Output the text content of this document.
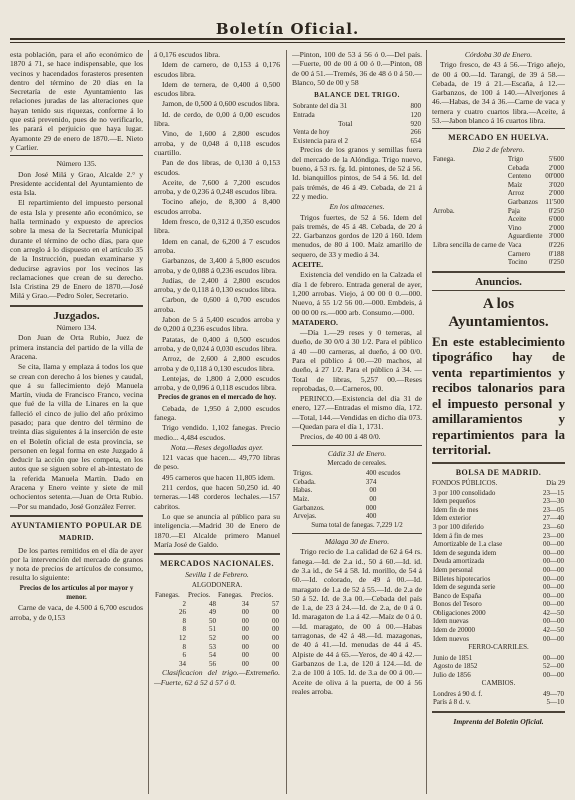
Boletín Oficial.

esta población, para el año económico de 1870 á 71, se hace indispensable, que los vecinos y hacendados forasteros presenten dentro del término de 20 días en la Secretaría de este Ayuntamiento las relaciones juradas de las alteraciones que hayan tenido sus riquezas, conforme á lo que está prevenido, pues de no verificarlo, les parará el perjuicio que haya lugar. Ayamonte 29 de enero de 1870.—E. Nieto y Carlier.

Número 135.

Don José Milá y Grao, Alcalde 2.° y Presidente accidental del Ayuntamiento de esta Isla.

El repartimiento del impuesto personal de esta Isla y presente año económico, se halla terminado y expuesto de aprecios sobre la mesa de la Secretaría Municipal durante el término de ocho días, para que con arreglo á lo dispuesto en el artículo 35 de la Instrucción, puedan examinarse y deducirse agravios por los vecinos las reclamaciones que crean de su derecho. Isla Cristina 29 de Enero de 1870.—José Milá y Grao.—Pedro Soler, Secretario.

Juzgados.

Número 134.

Don Juan de Orta Rubio, Juez de primera instancia del partido de la villa de Aracena.

Se cita, llama y emplaza á todos los que se crean con derecho á los bienes y caudal, que á su fallecimiento dejó Manuela Martín, viuda de Francisco Franco, vecina que fué de la villa de Linares en la que falleció el cinco de julio del año próximo pasado; para que dentro del término de treinta días siguientes á la inserción de este en el Boletín oficial de esta provincia, se personen en legal forma en este Juzgado á deducir la acción que les competa, en los autos que se siguen sobre el ab-intestato de la referida Manuela Martín. Dado en Aracena y Enero veinte y siete de mil ochocientos setenta.—Juan de Orta Rubio.—Por su mandado, José González Ferrer.

AYUNTAMIENTO POPULAR DE
MADRID.

De los partes remitidos en el día de ayer por la intervención del mercado de granos y nota de precios de artículos de consumo, resulta lo siguiente:

Precios de los artículos al por mayor y menor.

Carne de vaca, de 4.500 á 6,700 escudos arroba, y de 0,153

á 0,176 escudos libra.

Idem de carnero, de 0,153 á 0,176 escudos libra.

Idem de ternera, de 0,400 á 0,500 escudos libra.

Jamon, de 0,500 á 0,600 escudos libra.

Id. de cerdo, de 0,00 á 0,00 escudos libra.

Vino, de 1,600 á 2,800 escudos arroba, y de 0,048 á 0,118 escudos cuartillo.

Pan de dos libras, de 0,130 á 0,153 escudos.

Aceite, de 7,600 á 7,200 escudos arroba, y de 0,236 á 0,248 escudos libra.

Tocino añejo, de 8,300 á 8,400 escudos arroba.

Idem fresco, de 0,312 á 0,350 escudos libra.

Idem en canal, de 6,200 á 7 escudos arroba.

Garbanzos, de 3,400 á 5,800 escudos arroba, y de 0,088 á 0,236 escudos libra.

Judías, de 2,400 á 2,800 escudos arroba, y de 0,118 á 0,130 escudos libra.

Carbon, de 0,600 á 0,700 escudos arroba.

Jabon de 5 á 5,400 escudos arroba y de 0,200 á 0,236 escudos libra.

Patatas, de 0,400 á 0,500 escudos arroba, y de 0,024 á 0,030 escudos libra.

Arroz, de 2,600 á 2,800 escudos arroba y de 0,118 á 0,130 escudos libra.

Lentejas, de 1,800 á 2,000 escudos arroba, y de 0,096 á 0,118 escudos libra.

Precios de granos en el mercado de hoy.

Cebada, de 1,950 á 2,000 escudos fanega.

Trigo vendido. 1,102 fanegas. Precio medio... 4,484 escudos.

Nota.—Reses degolladas ayer.

121 vacas que hacen.... 49,770 libras de peso.

495 carneros que hacen 11,805 idem.

211 cerdos, que hacen 50,250 id. 40 terneras.—148 corderos lechales.—157 cabritos.

Lo que se anuncia al público para su inteligencia.—Madrid 30 de Enero de 1870.—El Alcalde primero Manuel María José de Galdo.

MERCADOS NACIONALES.

Sevilla 1 de Febrero.

ALGODONERA.

Fanegas.	Precios.	Fanegas.	Precios.
2	48	34	57
26	49	00	00
8	50	00	00
8	51	00	00
12	52	00	00
8	53	00	00
6	54	00	00
34	56	00	00

Clasificacion del trigo.—Extremeño.—Fuerte, 62 á 52 á 57 ó 0.

—Pinton, 100 de 53 á 56 ó 0.—Del país.—Fuerte, 00 de 00 á 00 ó 0.—Pinton, 08 de 00 á 51.—Tremés, 36 de 48 ó 0 á 50.—Blanco, 50 de 00 y 58

BALANCE DEL TRIGO.
Sobrante del día 31	800
Entrada	120
Total	920
Venta de hoy	266
Existencia para el 2	654

Precios de los granos y semillas fuera del mercado de la Alóndiga. Trigo nuevo, bueno, á 53 rs. fg. Id. pintones, de 52 á 56. Id. bianquillos pintos, de 54 á 56. Id. del país trémés, de 46 á 49. Cebada, de 21 á 22 y medio.

En los almacenes.

Trigos fuertes, de 52 á 56. Idem del país tremés, de 45 á 48. Cebada, de 20 á 22. Garbanzos gordos de 120 á 160. Idem menudos, de 80 á 100. Maíz amarillo de sequero, de 33 y medio á 34.

ACEITE.

Existencia del vendido en la Calzada el día 1 de febrero. Entrada general de ayer, 1,200 arrobas. Viejo, á 00 00 0 0.—000. Nuevo, á 55 1/2 56 00.—000. Embdeis, á 00 00 00 rs.—000 arb. Consumo.—000.

MATADERO.

—Día 1.—29 reses y 0 terneras, al dueño, de 30 0/0 á 30 1/2. Para el público á 40 —00 carneras, al dueño, á 00 0/0. Para el público á 00.—20 machos, al dueño, á 27 1/2. Para el público á 34. —Total de libras, 5,257 00.—Reses reprobadas, 0.—Carneros, 00.

PERINCO.—Existencia del día 31 de enero, 127.—Entradas el mismo día, 172.—Total, 144.—Vendidas en dicho día 073.—Quedan para el día 1, 1731.

Precios, de 40 00 á 48 0/0.

Cádiz 31 de Enero.

Mercado de cereales.

Trigos.	400	escudos
Cebada.	374	
Habas.	00	
Maíz.	00	
Garbanzos.	000	
Arvejas.	400	

Suma total de fanegas. 7,229 1/2

Málaga 30 de Enero.

Trigo recio de 1.a calidad de 62 á 64 rs. fanega.—Id. de 2.a id., 50 á 60.—Id. id. de 3.a id., de 54 á 58. Id. morillo, de 54 á 60.—Id. colorado, de 49 á 00.—Id. maragato de 1.a de 52 á 55.—Id. de 2.a de 50 á 52. Id. de 3.a 00.—Cebada del país de 1.a, de 23 á 24.—Id. de 2.a, de 0 á 0. Id. maragaton de 1.a á 42.—Maíz de 0 á 0.—Id. maragato, de 00 á 00.—Habas tarragonas, de 42 á 48.—Id. mazagonas, de 40 á 41.—Id. menudas de 44 á 45. Alpiste de 44 á 65.—Yeros, de 40 á 42.—Garbanzos de 1.a, de 120 á 124.—Id. de 2.a de 100 á 105. Id. de 3.a de 00 á 00.—Aceite de oliva á la puerta, de 00 á 56 reales arroba.

Córdoba 30 de Enero.

Trigo fresco, de 43 á 56.—Trigo añejo, de 00 á 00.—Id. Tarangí, de 39 á 58.—Cebada, de 19 á 21.—Escaña, á 12.—Garbanzos, de 100 á 140.—Alverjones á 46.—Habas, de 34 á 36.—Carne de vaca y ternera y cuatro cuartos libra.—Aceite, á 53.—Jabon blanco á 16 cuartos libra.

MERCADO EN HUELVA.

Dia 2 de febrero.

Fanega.	Trigo	5'600
	Cebada	2'000
	Centeno	00'000
	Maíz	3'020
	Arroz	2'000
	Garbanzos	11'500
Arroba.	Paja	0'250
	Aceite	6'000
	Vino	2'000
	Aguardiente	3'000
Libra sencilla de carne de	Vaca	0'226
	Carnero	0'188
	Tocino	0'250
Anuncios.
A los Ayuntamientos.

En este establecimiento tipográfico hay de venta repartimientos y recibos talonarios para el impuesto personal y amillaramientos y repartimientos para la territorial.

BOLSA DE MADRID.
FONDOS PÚBLICOS.	Día 29
3 por 100 consolidado	23—15
Idem pequeños	23—30
Idem fin de mes	23—05
Idem exterior	27—40
3 por 100 diferido	23—60
Idem á fin de mes	23—00
Amortizable de 1.a clase	00—00
Idem de segunda idem	00—00
Deuda amortizada	00—00
Idem personal	00—00
Billetes hipotecarios	00—00
Idem de segunda serie	00—00
Banco de España	00—00
Bonos del Tesoro	00—00
Obligaciones 2000	42—50
Idem nuevas	00—00
Idem de 20000	42—50
Idem nuevos	00—00

FERRO-CARRILES.

Junio de 1851	00—00
Agosto de 1852	52—00
Julio de 1856	00—00

CAMBIOS.

Londres á 90 d. f.	49—70
París á 8 d. v.	5—10

Imprenta del Boletín Oficial.
